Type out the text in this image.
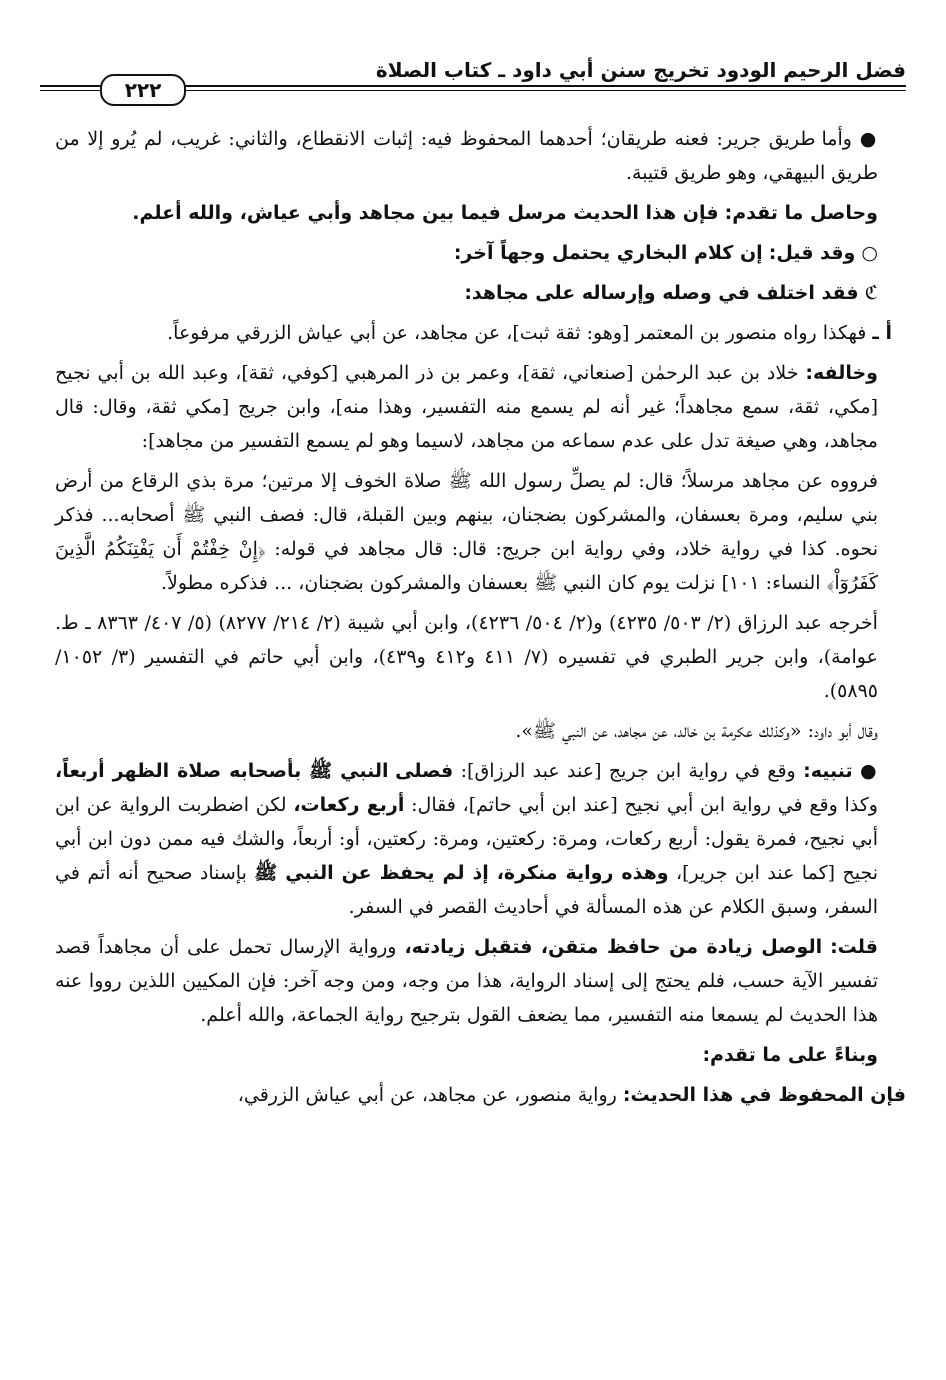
فضل الرحيم الودود تخريج سنن أبي داود ـ كتاب الصلاة
٢٢٢

● وأما طريق جرير: فعنه طريقان؛ أحدهما المحفوظ فيه: إثبات الانقطاع، والثاني: غريب، لم يُرو إلا من طريق البيهقي، وهو طريق قتيبة.

وحاصل ما تقدم: فإن هذا الحديث مرسل فيما بين مجاهد وأبي عياش، والله أعلم.

○ وقد قيل: إن كلام البخاري يحتمل وجهاً آخر:

ℭ فقد اختلف في وصله وإرساله على مجاهد:

أ ـ فهكذا رواه منصور بن المعتمر [وهو: ثقة ثبت]، عن مجاهد، عن أبي عياش الزرقي مرفوعاً.

وخالفه: خلاد بن عبد الرحمٰن [صنعاني، ثقة]، وعمر بن ذر المرهبي [كوفي، ثقة]، وعبد الله بن أبي نجيح [مكي، ثقة، سمع مجاهداً؛ غير أنه لم يسمع منه التفسير، وهذا منه]، وابن جريج [مكي ثقة، وقال: قال مجاهد، وهي صيغة تدل على عدم سماعه من مجاهد، لاسيما وهو لم يسمع التفسير من مجاهد]:

فرووه عن مجاهد مرسلاً؛ قال: لم يصلِّ رسول الله ﷺ صلاة الخوف إلا مرتين؛ مرة بذي الرقاع من أرض بني سليم، ومرة بعسفان، والمشركون بضجنان، بينهم وبين القبلة، قال: فصف النبي ﷺ أصحابه... فذكر نحوه. كذا في رواية خلاد، وفي رواية ابن جريج: قال: قال مجاهد في قوله: ﴿إِنْ خِفْتُمْ أَن يَفْتِنَكُمُ الَّذِينَ كَفَرُوٓاْ﴾ النساء: ١٠١] نزلت يوم كان النبي ﷺ بعسفان والمشركون بضجنان، ... فذكره مطولاً.

أخرجه عبد الرزاق (٢/ ٥٠٣/ ٤٢٣٥) و(٢/ ٥٠٤/ ٤٢٣٦)، وابن أبي شيبة (٢/ ٢١٤/ ٨٢٧٧) (٥/ ٤٠٧/ ٨٣٦٣ ـ ط. عوامة)، وابن جرير الطبري في تفسيره (٧/ ٤١١ و٤١٢ و٤٣٩)، وابن أبي حاتم في التفسير (٣/ ١٠٥٢/ ٥٨٩٥).

وقال أبو داود: «وكذلك عكرمة بن خالد، عن مجاهد، عن النبي ﷺ».

● تنبيه: وقع في رواية ابن جريج [عند عبد الرزاق]: فصلى النبي ﷺ بأصحابه صلاة الظهر أربعاً، وكذا وقع في رواية ابن أبي نجيح [عند ابن أبي حاتم]، فقال: أربع ركعات، لكن اضطربت الرواية عن ابن أبي نجيح، فمرة يقول: أربع ركعات، ومرة: ركعتين، ومرة: ركعتين، أو: أربعاً، والشك فيه ممن دون ابن أبي نجيح [كما عند ابن جرير]، وهذه رواية منكرة، إذ لم يحفظ عن النبي ﷺ بإسناد صحيح أنه أتم في السفر، وسبق الكلام عن هذه المسألة في أحاديث القصر في السفر.

قلت: الوصل زيادة من حافظ متقن، فتقبل زيادته، ورواية الإرسال تحمل على أن مجاهداً قصد تفسير الآية حسب، فلم يحتج إلى إسناد الرواية، هذا من وجه، ومن وجه آخر: فإن المكيين اللذين رووا عنه هذا الحديث لم يسمعا منه التفسير، مما يضعف القول بترجيح رواية الجماعة، والله أعلم.

وبناءً على ما تقدم:

فإن المحفوظ في هذا الحديث: رواية منصور، عن مجاهد، عن أبي عياش الزرقي،
